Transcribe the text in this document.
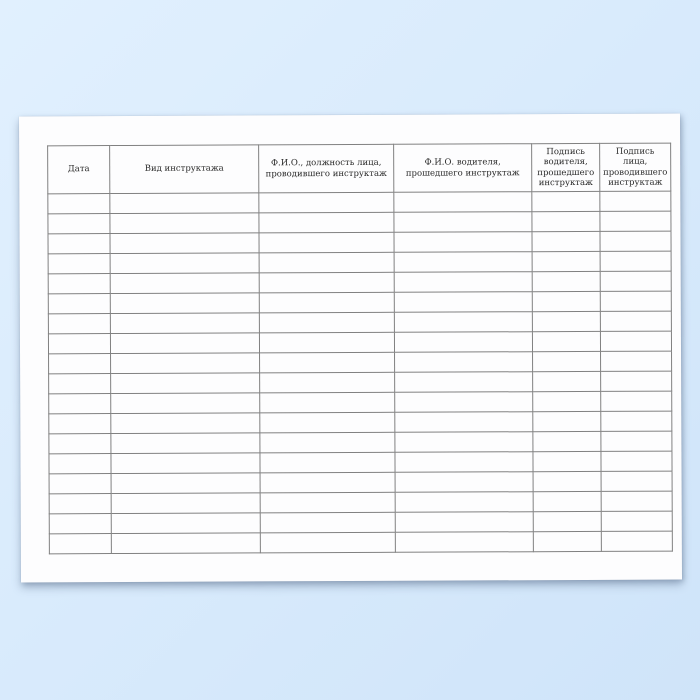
Дата	Вид инструктажа	Ф.И.О., должность лица,
проводившего инструктаж	Ф.И.О. водителя,
прошедшего инструктаж	Подпись
водителя,
прошедшего
инструктаж	Подпись
лица,
проводившего
инструктаж
